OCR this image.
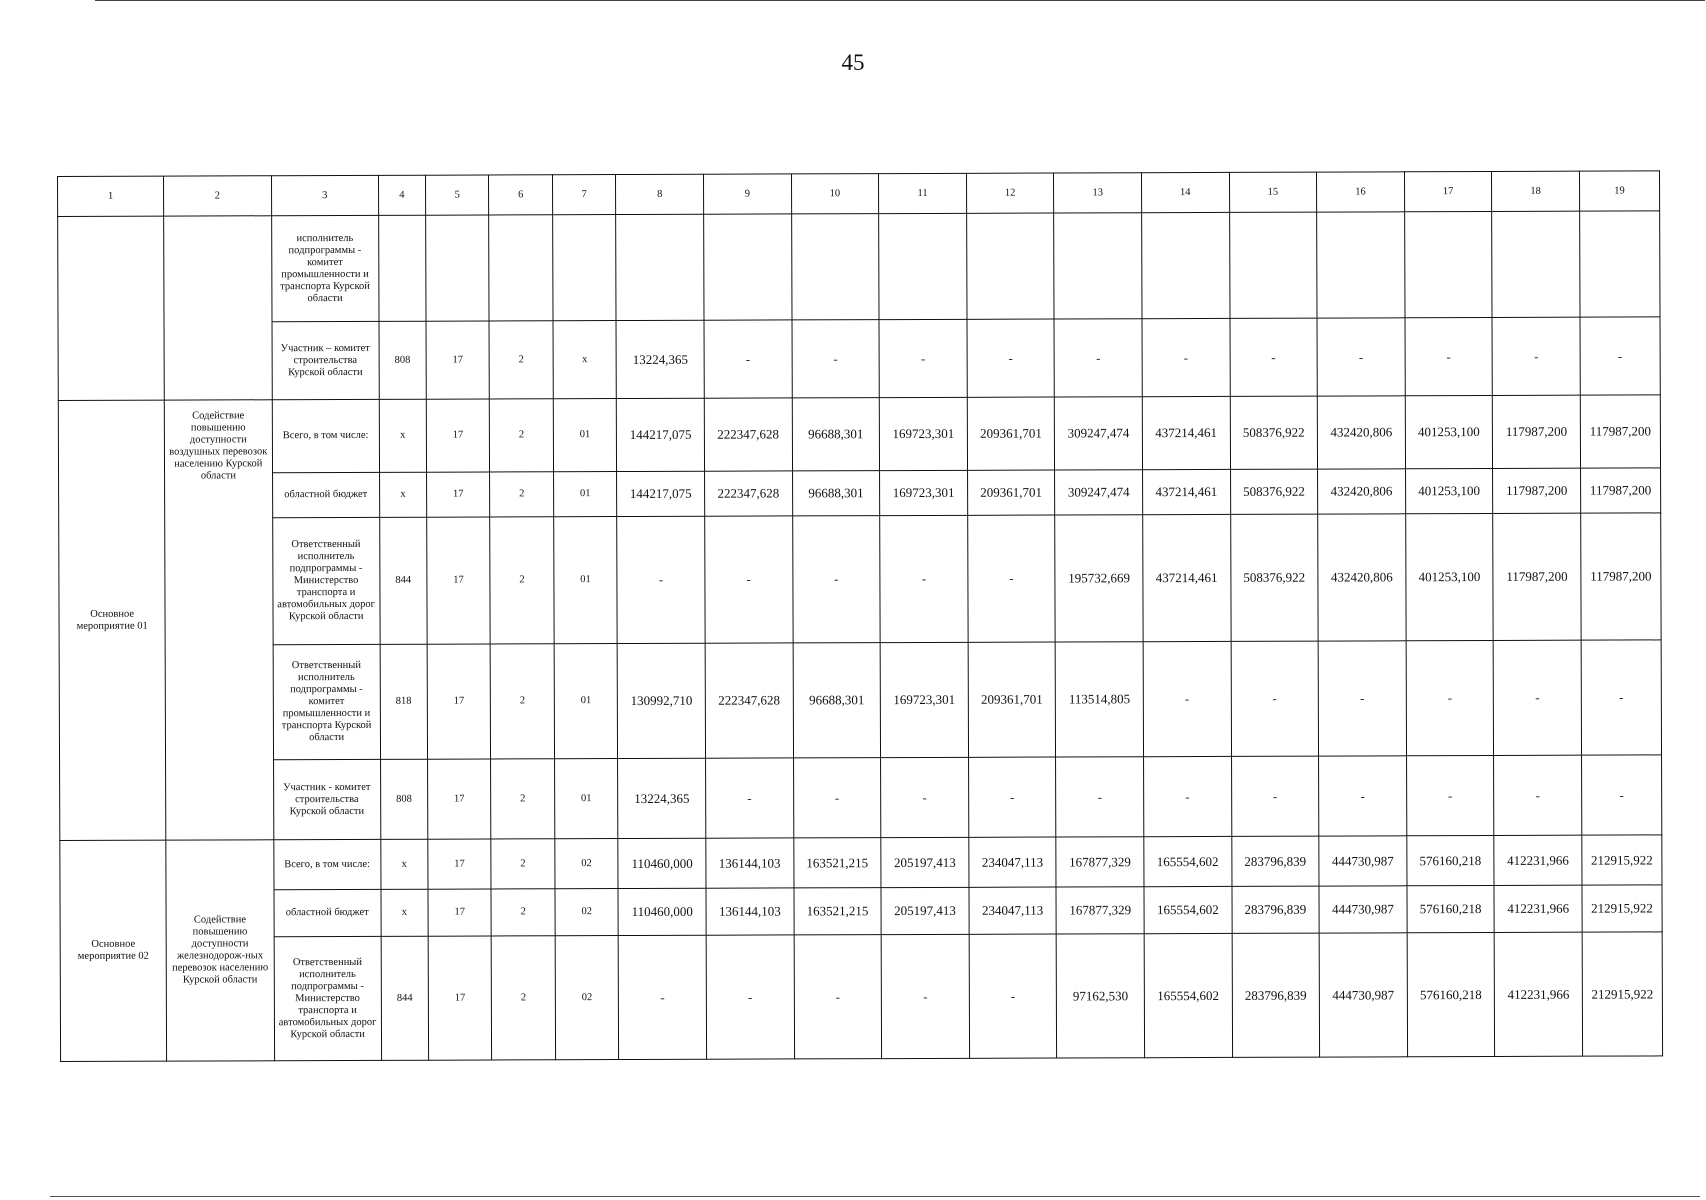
45
1	2	3	4	5	6	7	8	9	10	11	12	13	14	15	16	17	18	19
		исполнитель подпрограммы - комитет промышленности и транспорта Курской области																
		Участник – комитет строительства Курской области	808	17	2	х	13224,365	-	-	-	-	-	-	-	-	-	-	-
Основное мероприятие 01	Содействие повышению доступности воздушных перевозок населению Курской области	Всего, в том числе:	х	17	2	01	144217,075	222347,628	96688,301	169723,301	209361,701	309247,474	437214,461	508376,922	432420,806	401253,100	117987,200	117987,200
		областной бюджет	х	17	2	01	144217,075	222347,628	96688,301	169723,301	209361,701	309247,474	437214,461	508376,922	432420,806	401253,100	117987,200	117987,200
		Ответственный исполнитель подпрограммы - Министерство транспорта и автомобильных дорог Курской области	844	17	2	01	-	-	-	-	-	195732,669	437214,461	508376,922	432420,806	401253,100	117987,200	117987,200
		Ответственный исполнитель подпрограммы - комитет промышленности и транспорта Курской области	818	17	2	01	130992,710	222347,628	96688,301	169723,301	209361,701	113514,805	-	-	-	-	-	-
		Участник - комитет строительства Курской области	808	17	2	01	13224,365	-	-	-	-	-	-	-	-	-	-	-
Основное мероприятие 02	Содействие повышению доступности железнодорож-ных перевозок населению Курской области	Всего, в том числе:	х	17	2	02	110460,000	136144,103	163521,215	205197,413	234047,113	167877,329	165554,602	283796,839	444730,987	576160,218	412231,966	212915,922
		областной бюджет	х	17	2	02	110460,000	136144,103	163521,215	205197,413	234047,113	167877,329	165554,602	283796,839	444730,987	576160,218	412231,966	212915,922
		Ответственный исполнитель подпрограммы - Министерство транспорта и автомобильных дорог Курской области	844	17	2	02	-	-	-	-	-	97162,530	165554,602	283796,839	444730,987	576160,218	412231,966	212915,922
